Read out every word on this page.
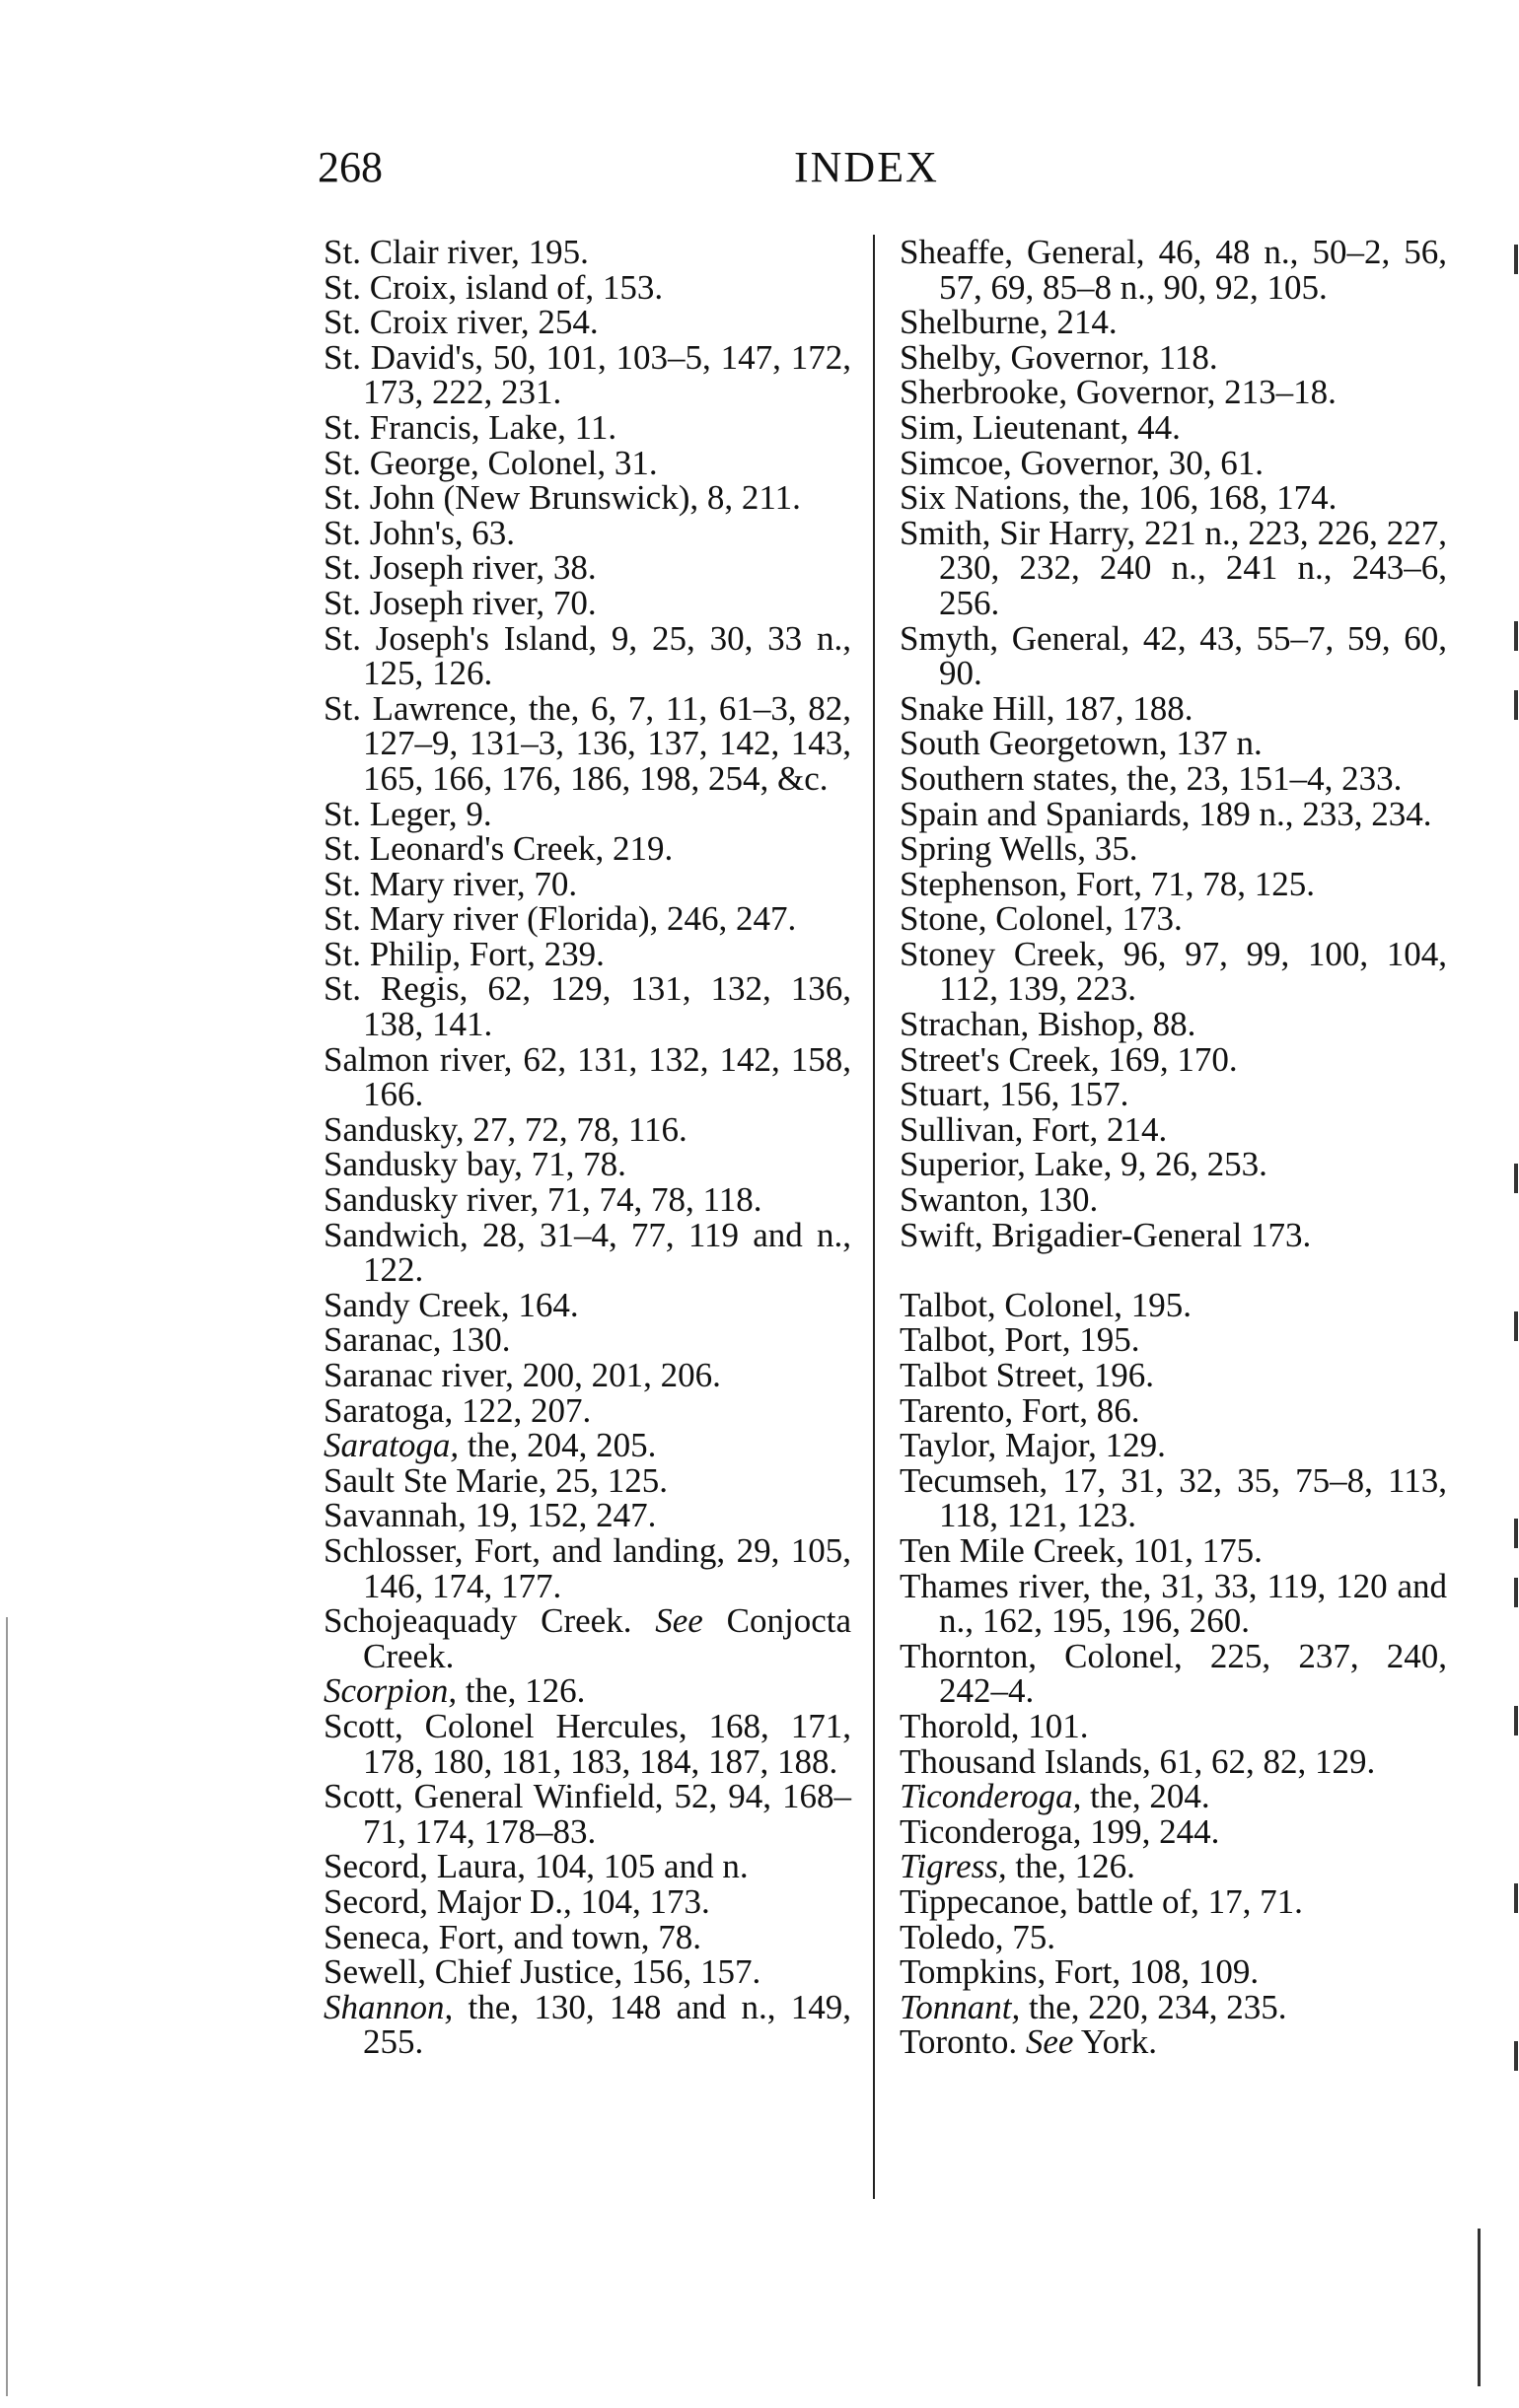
268	INDEX
St. Clair river, 195.
St. Croix, island of, 153.
St. Croix river, 254.
St. David's, 50, 101, 103–5, 147, 172, 173, 222, 231.
St. Francis, Lake, 11.
St. George, Colonel, 31.
St. John (New Brunswick), 8, 211.
St. John's, 63.
St. Joseph river, 38.
St. Joseph river, 70.
St. Joseph's Island, 9, 25, 30, 33 n., 125, 126.
St. Lawrence, the, 6, 7, 11, 61–3, 82, 127–9, 131–3, 136, 137, 142, 143, 165, 166, 176, 186, 198, 254, &c.
St. Leger, 9.
St. Leonard's Creek, 219.
St. Mary river, 70.
St. Mary river (Florida), 246, 247.
St. Philip, Fort, 239.
St. Regis, 62, 129, 131, 132, 136, 138, 141.
Salmon river, 62, 131, 132, 142, 158, 166.
Sandusky, 27, 72, 78, 116.
Sandusky bay, 71, 78.
Sandusky river, 71, 74, 78, 118.
Sandwich, 28, 31–4, 77, 119 and n., 122.
Sandy Creek, 164.
Saranac, 130.
Saranac river, 200, 201, 206.
Saratoga, 122, 207.
Saratoga, the, 204, 205.
Sault Ste Marie, 25, 125.
Savannah, 19, 152, 247.
Schlosser, Fort, and landing, 29, 105, 146, 174, 177.
Schojeaquady Creek. See Conjocta Creek.
Scorpion, the, 126.
Scott, Colonel Hercules, 168, 171, 178, 180, 181, 183, 184, 187, 188.
Scott, General Winfield, 52, 94, 168–71, 174, 178–83.
Secord, Laura, 104, 105 and n.
Secord, Major D., 104, 173.
Seneca, Fort, and town, 78.
Sewell, Chief Justice, 156, 157.
Shannon, the, 130, 148 and n., 149, 255.
Sheaffe, General, 46, 48 n., 50–2, 56, 57, 69, 85–8 n., 90, 92, 105.
Shelburne, 214.
Shelby, Governor, 118.
Sherbrooke, Governor, 213–18.
Sim, Lieutenant, 44.
Simcoe, Governor, 30, 61.
Six Nations, the, 106, 168, 174.
Smith, Sir Harry, 221 n., 223, 226, 227, 230, 232, 240 n., 241 n., 243–6, 256.
Smyth, General, 42, 43, 55–7, 59, 60, 90.
Snake Hill, 187, 188.
South Georgetown, 137 n.
Southern states, the, 23, 151–4, 233.
Spain and Spaniards, 189 n., 233, 234.
Spring Wells, 35.
Stephenson, Fort, 71, 78, 125.
Stone, Colonel, 173.
Stoney Creek, 96, 97, 99, 100, 104, 112, 139, 223.
Strachan, Bishop, 88.
Street's Creek, 169, 170.
Stuart, 156, 157.
Sullivan, Fort, 214.
Superior, Lake, 9, 26, 253.
Swanton, 130.
Swift, Brigadier-General 173.
Talbot, Colonel, 195.
Talbot, Port, 195.
Talbot Street, 196.
Tarento, Fort, 86.
Taylor, Major, 129.
Tecumseh, 17, 31, 32, 35, 75–8, 113, 118, 121, 123.
Ten Mile Creek, 101, 175.
Thames river, the, 31, 33, 119, 120 and n., 162, 195, 196, 260.
Thornton, Colonel, 225, 237, 240, 242–4.
Thorold, 101.
Thousand Islands, 61, 62, 82, 129.
Ticonderoga, the, 204.
Ticonderoga, 199, 244.
Tigress, the, 126.
Tippecanoe, battle of, 17, 71.
Toledo, 75.
Tompkins, Fort, 108, 109.
Tonnant, the, 220, 234, 235.
Toronto. See York.
